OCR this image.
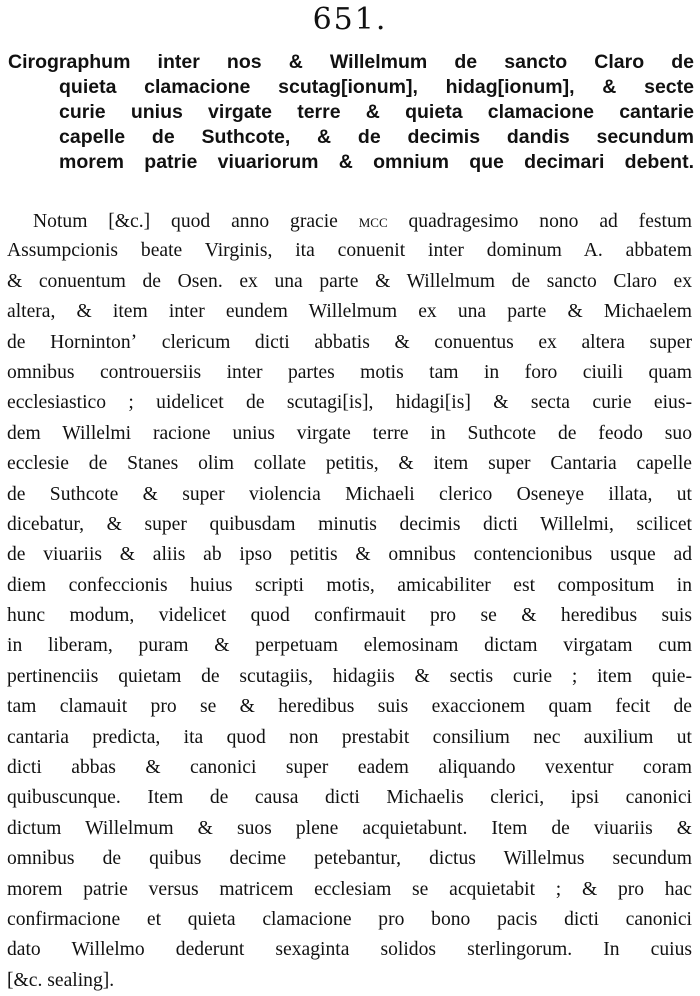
651.
Cirographum inter nos & Willelmum de sancto Claro de
quieta clamacione scutag[ionum], hidag[ionum], & secte
curie unius virgate terre & quieta clamacione cantarie
capelle de Suthcote, & de decimis dandis secundum
morem patrie viuariorum & omnium que decimari debent.
Notum [&c.] quod anno gracie mcc quadragesimo nono ad festum
Assumpcionis beate Virginis, ita conuenit inter dominum A. abbatem
& conuentum de Osen. ex una parte & Willelmum de sancto Claro ex
altera, & item inter eundem Willelmum ex una parte & Michaelem
de Hornintonʼ clericum dicti abbatis & conuentus ex altera super
omnibus controuersiis inter partes motis tam in foro ciuili quam
ecclesiastico ; uidelicet de scutagi[is], hidagi[is] & secta curie eius-
dem Willelmi racione unius virgate terre in Suthcote de feodo suo
ecclesie de Stanes olim collate petitis, & item super Cantaria capelle
de Suthcote & super violencia Michaeli clerico Oseneye illata, ut
dicebatur, & super quibusdam minutis decimis dicti Willelmi, scilicet
de viuariis & aliis ab ipso petitis & omnibus contencionibus usque ad
diem confeccionis huius scripti motis, amicabiliter est compositum in
hunc modum, videlicet quod confirmauit pro se & heredibus suis
in liberam, puram & perpetuam elemosinam dictam virgatam cum
pertinenciis quietam de scutagiis, hidagiis & sectis curie ; item quie-
tam clamauit pro se & heredibus suis exaccionem quam fecit de
cantaria predicta, ita quod non prestabit consilium nec auxilium ut
dicti abbas & canonici super eadem aliquando vexentur coram
quibuscunque. Item de causa dicti Michaelis clerici, ipsi canonici
dictum Willelmum & suos plene acquietabunt. Item de viuariis &
omnibus de quibus decime petebantur, dictus Willelmus secundum
morem patrie versus matricem ecclesiam se acquietabit ; & pro hac
confirmacione et quieta clamacione pro bono pacis dicti canonici
dato Willelmo dederunt sexaginta solidos sterlingorum. In cuius
[&c. sealing].
